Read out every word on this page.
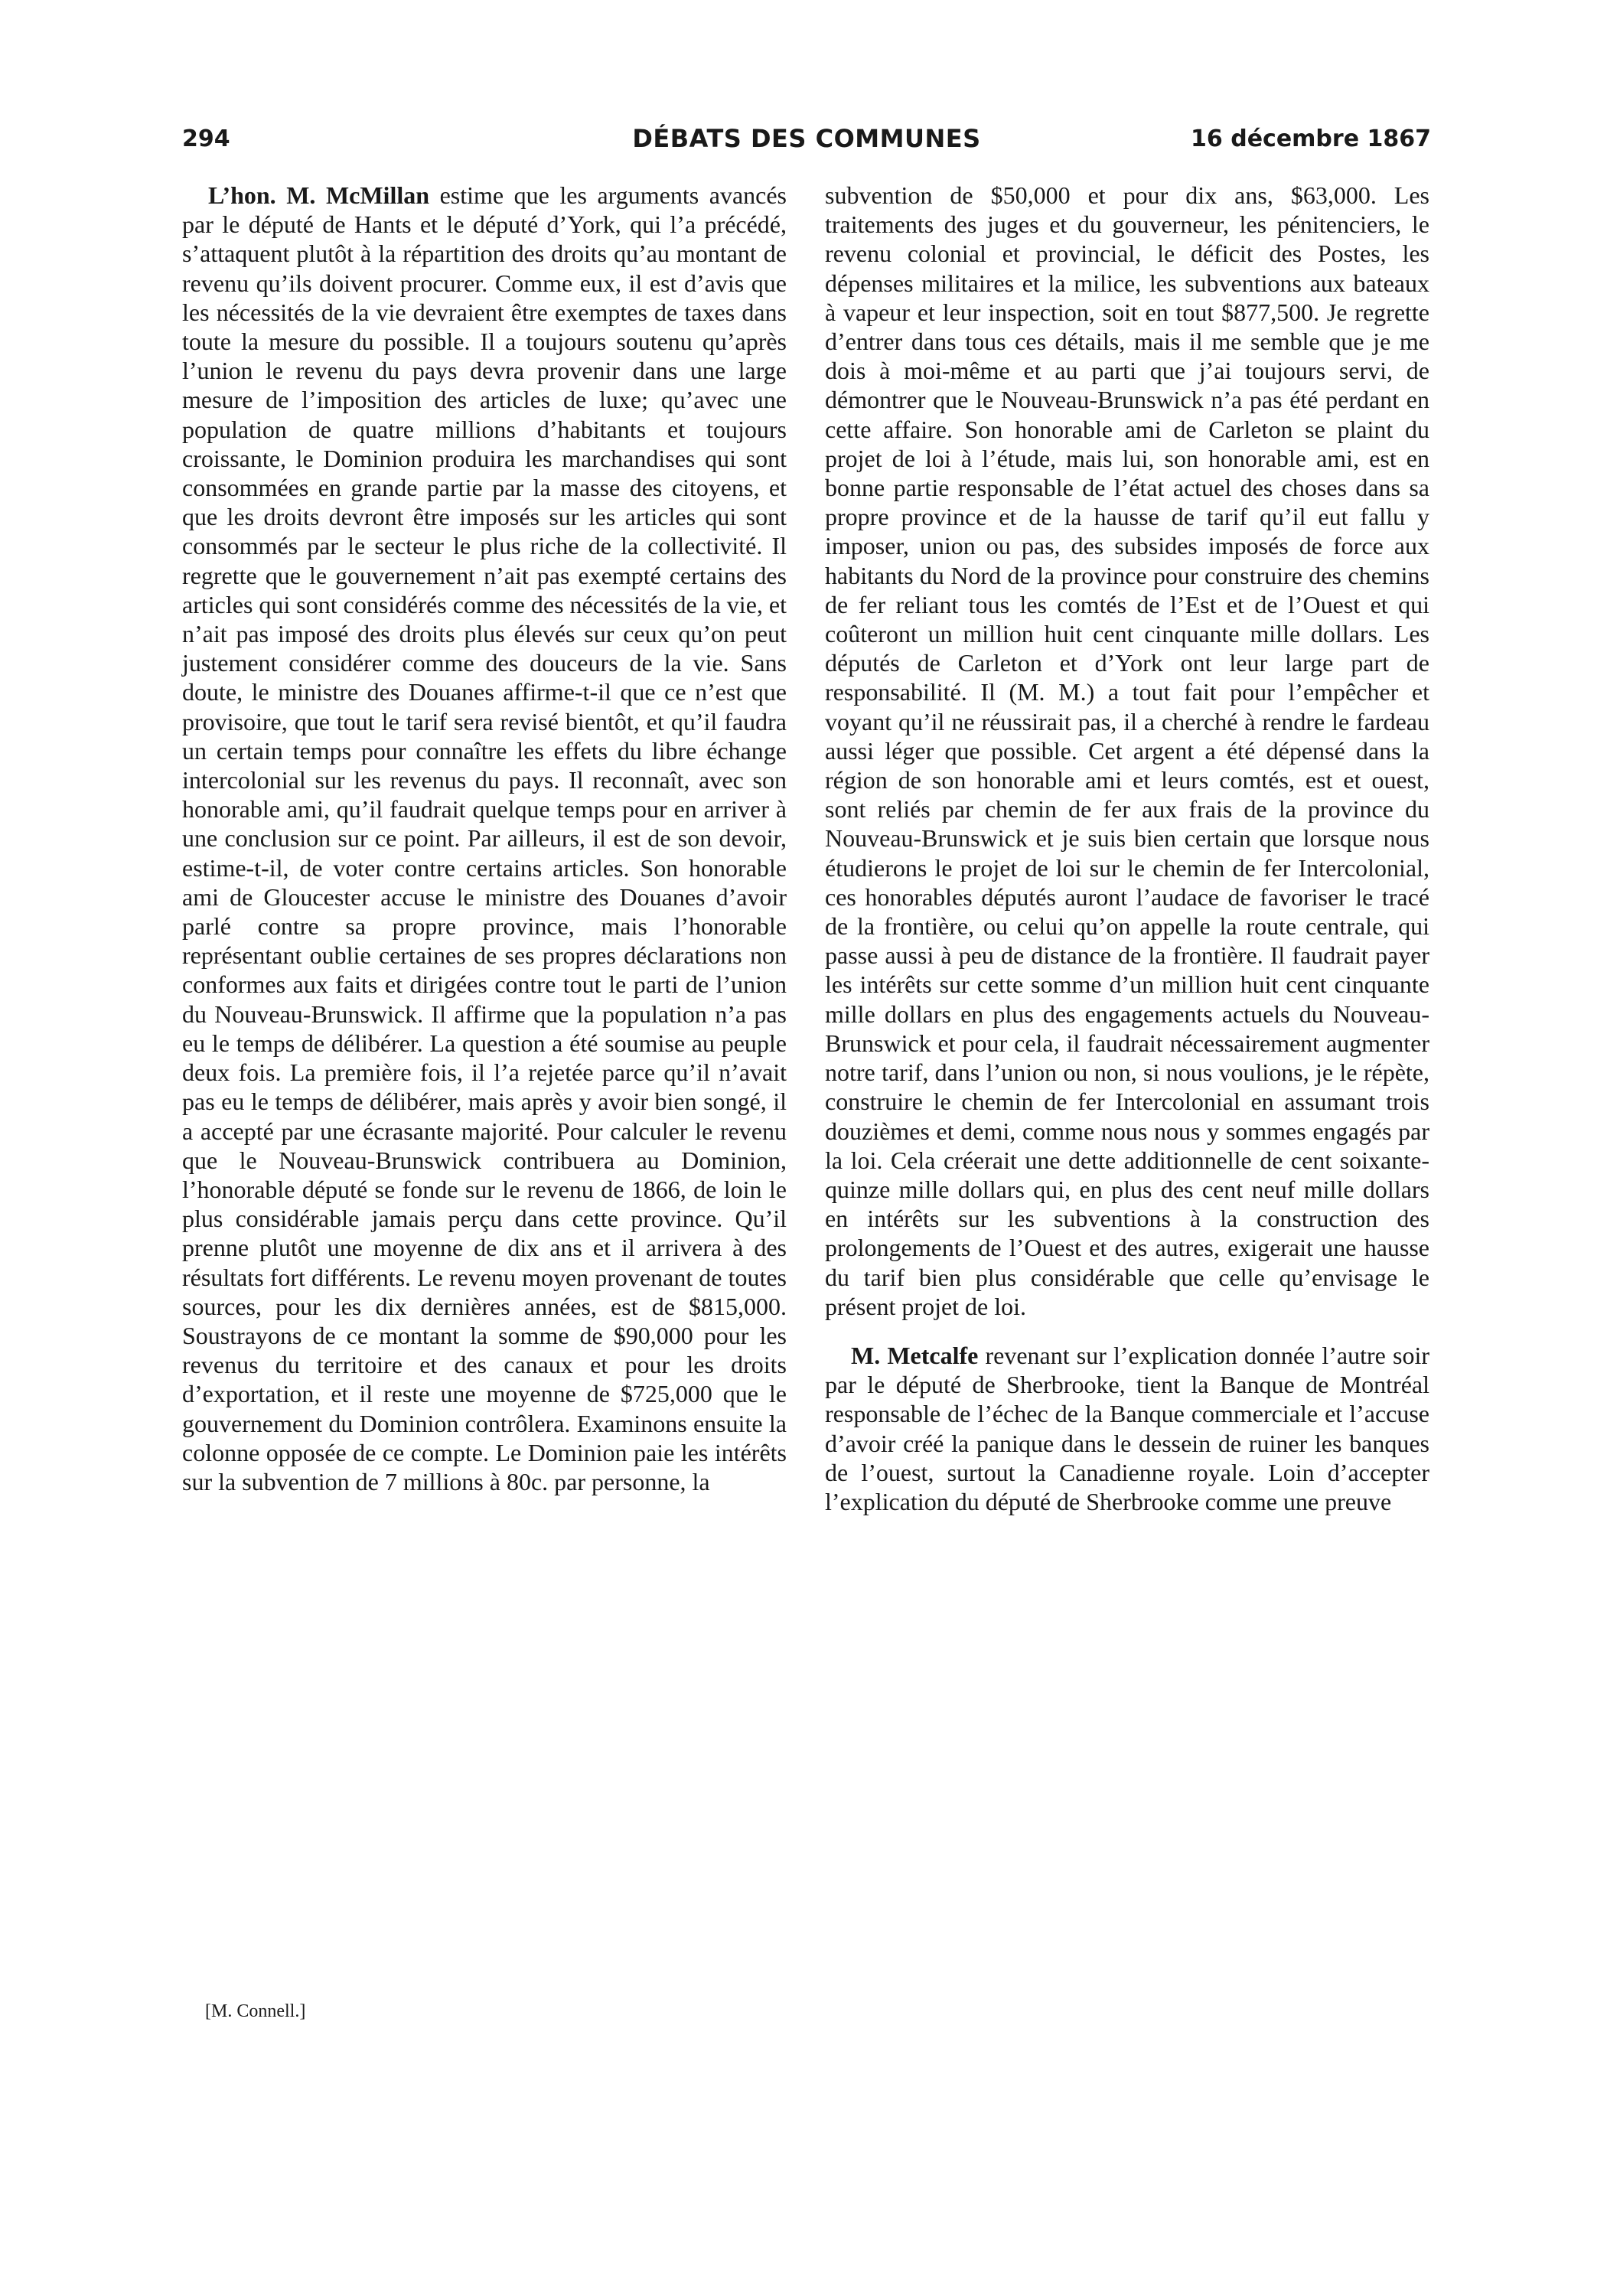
294	DÉBATS DES COMMUNES	16 décembre 1867

L’hon. M. McMillan estime que les arguments avancés par le député de Hants et le député d’York, qui l’a précédé, s’attaquent plutôt à la répartition des droits qu’au montant de revenu qu’ils doivent procurer. Comme eux, il est d’avis que les nécessités de la vie devraient être exemptes de taxes dans toute la mesure du possible. Il a toujours soutenu qu’après l’union le revenu du pays devra provenir dans une large mesure de l’imposition des articles de luxe; qu’avec une population de quatre millions d’habitants et toujours croissante, le Dominion produira les marchandises qui sont consommées en grande partie par la masse des citoyens, et que les droits devront être imposés sur les articles qui sont consommés par le secteur le plus riche de la collectivité. Il regrette que le gouvernement n’ait pas exempté certains des articles qui sont considérés comme des nécessités de la vie, et n’ait pas imposé des droits plus élevés sur ceux qu’on peut justement considérer comme des douceurs de la vie. Sans doute, le ministre des Douanes affirme-t-il que ce n’est que provisoire, que tout le tarif sera revisé bientôt, et qu’il faudra un certain temps pour connaître les effets du libre échange intercolonial sur les revenus du pays. Il reconnaît, avec son honorable ami, qu’il faudrait quelque temps pour en arriver à une conclusion sur ce point. Par ailleurs, il est de son devoir, estime-t-il, de voter contre certains articles. Son honorable ami de Gloucester accuse le ministre des Douanes d’avoir parlé contre sa propre province, mais l’honorable représentant oublie certaines de ses propres déclarations non conformes aux faits et dirigées contre tout le parti de l’union du Nouveau-Brunswick. Il affirme que la population n’a pas eu le temps de délibérer. La question a été soumise au peuple deux fois. La première fois, il l’a rejetée parce qu’il n’avait pas eu le temps de délibérer, mais après y avoir bien songé, il a accepté par une écrasante majorité. Pour calculer le revenu que le Nouveau-Brunswick contribuera au Dominion, l’honorable député se fonde sur le revenu de 1866, de loin le plus considérable jamais perçu dans cette province. Qu’il prenne plutôt une moyenne de dix ans et il arrivera à des résultats fort différents. Le revenu moyen provenant de toutes sources, pour les dix dernières années, est de $815,000. Soustrayons de ce montant la somme de $90,000 pour les revenus du territoire et des canaux et pour les droits d’exportation, et il reste une moyenne de $725,000 que le gouvernement du Dominion contrôlera. Examinons ensuite la colonne opposée de ce compte. Le Dominion paie les intérêts sur la subvention de 7 millions à 80c. par personne, la

subvention de $50,000 et pour dix ans, $63,000. Les traitements des juges et du gouverneur, les pénitenciers, le revenu colonial et provincial, le déficit des Postes, les dépenses militaires et la milice, les subventions aux bateaux à vapeur et leur inspection, soit en tout $877,500. Je regrette d’entrer dans tous ces détails, mais il me semble que je me dois à moi-même et au parti que j’ai toujours servi, de démontrer que le Nouveau-Brunswick n’a pas été perdant en cette affaire. Son honorable ami de Carleton se plaint du projet de loi à l’étude, mais lui, son honorable ami, est en bonne partie responsable de l’état actuel des choses dans sa propre province et de la hausse de tarif qu’il eut fallu y imposer, union ou pas, des subsides imposés de force aux habitants du Nord de la province pour construire des chemins de fer reliant tous les comtés de l’Est et de l’Ouest et qui coûteront un million huit cent cinquante mille dollars. Les députés de Carleton et d’York ont leur large part de responsabilité. Il (M. M.) a tout fait pour l’empêcher et voyant qu’il ne réussirait pas, il a cherché à rendre le fardeau aussi léger que possible. Cet argent a été dépensé dans la région de son honorable ami et leurs comtés, est et ouest, sont reliés par chemin de fer aux frais de la province du Nouveau-Brunswick et je suis bien certain que lorsque nous étudierons le projet de loi sur le chemin de fer Intercolonial, ces honorables députés auront l’audace de favoriser le tracé de la frontière, ou celui qu’on appelle la route centrale, qui passe aussi à peu de distance de la frontière. Il faudrait payer les intérêts sur cette somme d’un million huit cent cinquante mille dollars en plus des engagements actuels du Nouveau-Brunswick et pour cela, il faudrait nécessairement augmenter notre tarif, dans l’union ou non, si nous voulions, je le répète, construire le chemin de fer Intercolonial en assumant trois douzièmes et demi, comme nous nous y sommes engagés par la loi. Cela créerait une dette additionnelle de cent soixante-quinze mille dollars qui, en plus des cent neuf mille dollars en intérêts sur les subventions à la construction des prolongements de l’Ouest et des autres, exigerait une hausse du tarif bien plus considérable que celle qu’envisage le présent projet de loi.

M. Metcalfe revenant sur l’explication donnée l’autre soir par le député de Sherbrooke, tient la Banque de Montréal responsable de l’échec de la Banque commerciale et l’accuse d’avoir créé la panique dans le dessein de ruiner les banques de l’ouest, surtout la Canadienne royale. Loin d’accepter l’explication du député de Sherbrooke comme une preuve

[M. Connell.]
